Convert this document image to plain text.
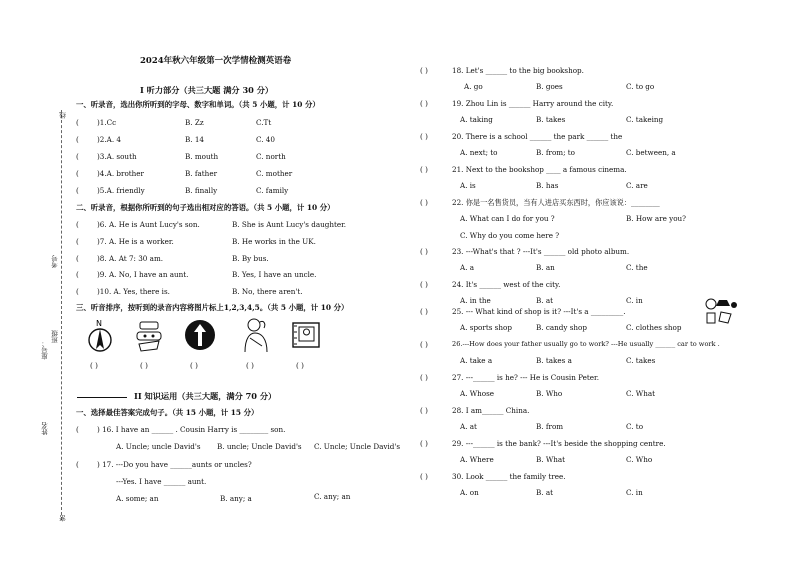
线
考号
班级
座号：
姓名
密
2024年秋六年级第一次学情检测英语卷
I 听力部分（共三大题 满分 30 分）
一、听录音，选出你所听到的字母、数字和单词。（共 5 小题，计 10 分）
(	)1.Cc	B. Zz	C.Tt
(	)2.A. 4	B. 14	C. 40
(	)3.A. south	B. mouth	C. north
(	)4.A. brother	B. father	C. mother
(	)5.A. friendly	B. finally	C. family
二、听录音，根据你所听到的句子选出相对应的答语。（共 5 小题，计 10 分）
(	)6. A. He is Aunt Lucy's son.	B. She is Aunt Lucy's daughter.
(	)7. A. He is a worker.	B. He works in the UK.
(	)8. A. At 7: 30 am.	B. By bus.
(	)9. A. No, I have an aunt.	B. Yes, I have an uncle.
(	)10. A. Yes, there is.	B. No, there aren't.
三、听音排序，按听到的录音内容将图片标上1,2,3,4,5。（共 5 小题，计 10 分）
N
( )	( )	( )	( )	( )
II 知识运用（共三大题，满分 70 分）
一、选择最佳答案完成句子。（共 15 小题，计 15 分）
(	) 16. I have an ______ . Cousin Harry is ________ son.
A. Uncle; uncle David's B. uncle; Uncle David's C. Uncle; Uncle David's
(	) 17. ---Do you have ______aunts or uncles?
---Yes. I have ______ aunt.
A. some; an	B. any; a	C. any; an
( )	18. Let's ______ to the big bookshop.
A. go	B. goes	C. to go
( )	19. Zhou Lin is ______ Harry around the city.
A. taking	B. takes	C. takeing
( )	20. There is a school ______ the park ______ the
A. next; to	B. from; to	C. between, a
( )	21. Next to the bookshop ____ a famous cinema.
A. is	B. has	C. are
( )	22. 你是一名售货员，当有人进店买东西时，你应该说：________
A. What can I do for you ?	B. How are you?
C. Why do you come here ?
( )	23. ---What's that ? ---It's ______ old photo album.
A. a	B. an	C. the
( )	24. It's ______ west of the city.
A. in the	B. at	C. in
( )	25. --- What kind of shop is it? ---It's a _________.
A. sports shop	B. candy shop	C. clothes shop
( )	26.---How does your father usually go to work? ---He usually ______ car to work .
A. take a	B. takes a	C. takes
( )	27. ---______ is he? --- He is Cousin Peter.
A. Whose	B. Who	C. What
( )	28. I am______ China.
A. at	B. from	C. to
( )	29. ---______ is the bank? ---It's beside the shopping centre.
A. Where	B. What	C. Who
( )	30. Look ______ the family tree.
A. on	B. at	C. in
